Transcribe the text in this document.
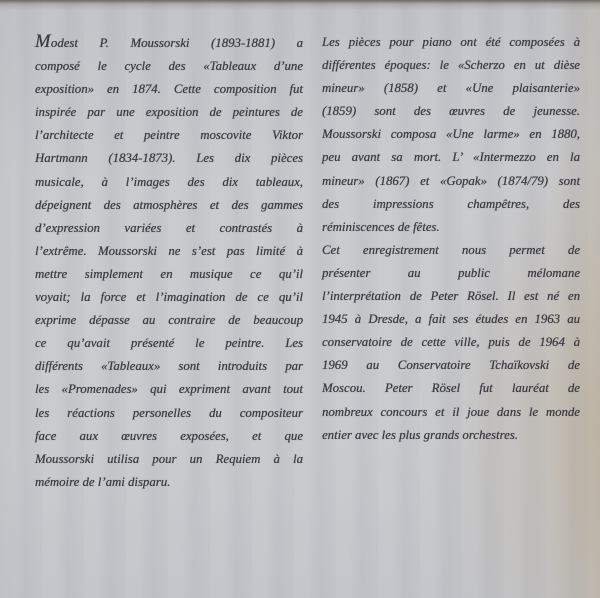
Modest P. Moussorski (1893-1881) a
composé le cycle des «Tableaux d’une
exposition» en 1874. Cette composition fut
inspirée par une exposition de peintures de
l’architecte et peintre moscovite Viktor
Hartmann (1834-1873). Les dix pièces
musicale, à l’images des dix tableaux,
dépeignent des atmosphères et des gammes
d’expression variées et contrastés à
l’extrême. Moussorski ne s’est pas limité à
mettre simplement en musique ce qu’il
voyait; la force et l’imagination de ce qu’il
exprime dépasse au contraire de beaucoup
ce qu’avait présenté le peintre. Les
différents «Tableaux» sont introduits par
les «Promenades» qui expriment avant tout
les réactions personelles du compositeur
face aux œuvres exposées, et que
Moussorski utilisa pour un Requiem à la
mémoire de l’ami disparu.
Les pièces pour piano ont été composées à
différentes époques: le «Scherzo en ut dièse
mineur» (1858) et «Une plaisanterie»
(1859) sont des œuvres de jeunesse.
Moussorski composa «Une larme» en 1880,
peu avant sa mort. L’ «Intermezzo en la
mineur» (1867) et «Gopak» (1874/79) sont
des impressions champêtres, des
réminiscences de fêtes.
Cet enregistrement nous permet de
présenter au public mélomane
l’interprétation de Peter Rösel. Il est né en
1945 à Dresde, a fait ses études en 1963 au
conservatoire de cette ville, puis de 1964 à
1969 au Conservatoire Tchaïkovski de
Moscou. Peter Rösel fut lauréat de
nombreux concours et il joue dans le monde
entier avec les plus grands orchestres.
